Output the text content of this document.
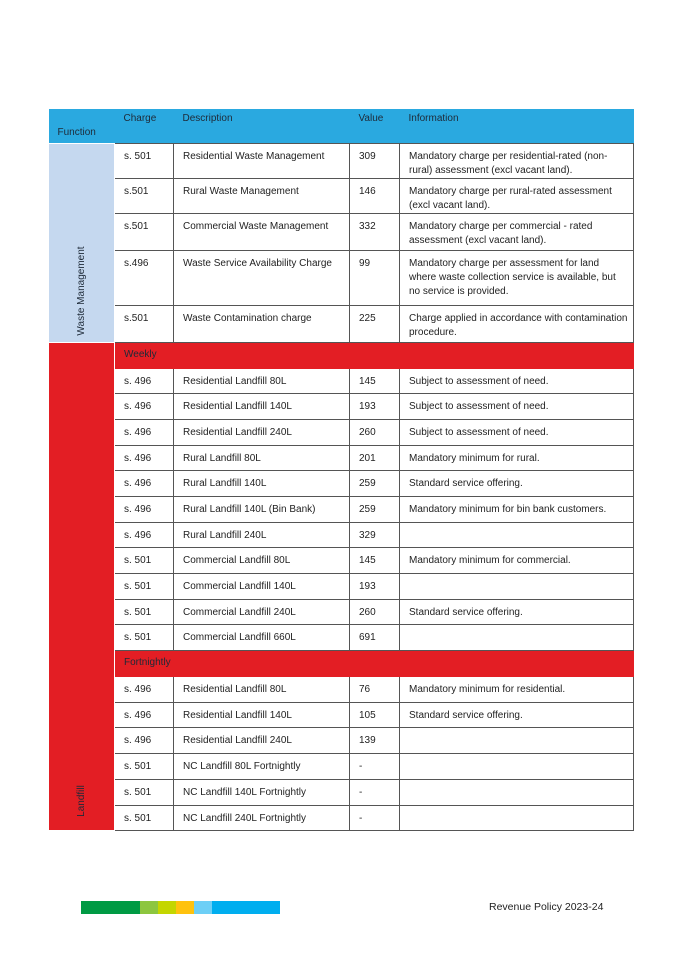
Function	Charge	Description	Value	Information

Waste Management	s. 501	Residential Waste Management	309	Mandatory charge per residential-rated (non-rural) assessment (excl vacant land).
	s.501	Rural Waste Management	146	Mandatory charge per rural-rated assessment (excl vacant land).
	s.501	Commercial Waste Management	332	Mandatory charge per commercial - rated assessment (excl vacant land).
	s.496	Waste Service Availability Charge	99	Mandatory charge per assessment for land where waste collection service is available, but no service is provided.
	s.501	Waste Contamination charge	225	Charge applied in accordance with contamination procedure.

Landfill	Weekly			
	s. 496	Residential Landfill 80L	145	Subject to assessment of need.
	s. 496	Residential Landfill 140L	193	Subject to assessment of need.
	s. 496	Residential Landfill 240L	260	Subject to assessment of need.
	s. 496	Rural Landfill 80L	201	Mandatory minimum for rural.
	s. 496	Rural Landfill 140L	259	Standard service offering.
	s. 496	Rural Landfill 140L (Bin Bank)	259	Mandatory minimum for bin bank customers.
	s. 496	Rural Landfill 240L	329	
	s. 501	Commercial Landfill 80L	145	Mandatory minimum for commercial.
	s. 501	Commercial Landfill 140L	193	
	s. 501	Commercial Landfill 240L	260	Standard service offering.
	s. 501	Commercial Landfill 660L	691	
	Fortnightly			
	s. 496	Residential Landfill 80L	76	Mandatory minimum for residential.
	s. 496	Residential Landfill 140L	105	Standard service offering.
	s. 496	Residential Landfill 240L	139	
	s. 501	NC Landfill 80L Fortnightly	-	
	s. 501	NC Landfill 140L Fortnightly	-	
	s. 501	NC Landfill 240L Fortnightly	-	
Revenue Policy 2023-24
